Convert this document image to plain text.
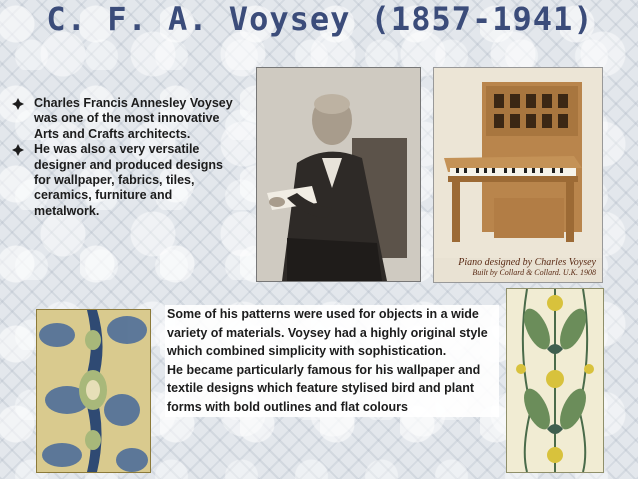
C. F. A. Voysey (1857-1941)
Charles Francis Annesley Voysey was one of the most innovative Arts and Crafts architects.
He was also a very versatile designer and produced designs for wallpaper, fabrics, tiles, ceramics, furniture and metalwork.
Piano designed by Charles Voysey
Built by Collard & Collard. U.K. 1908

Some of his patterns were used for objects in a wide variety of materials. Voysey had a highly original style which combined simplicity with sophistication.

He became particularly famous for his wallpaper and textile designs which feature stylised bird and plant forms with bold outlines and flat colours
